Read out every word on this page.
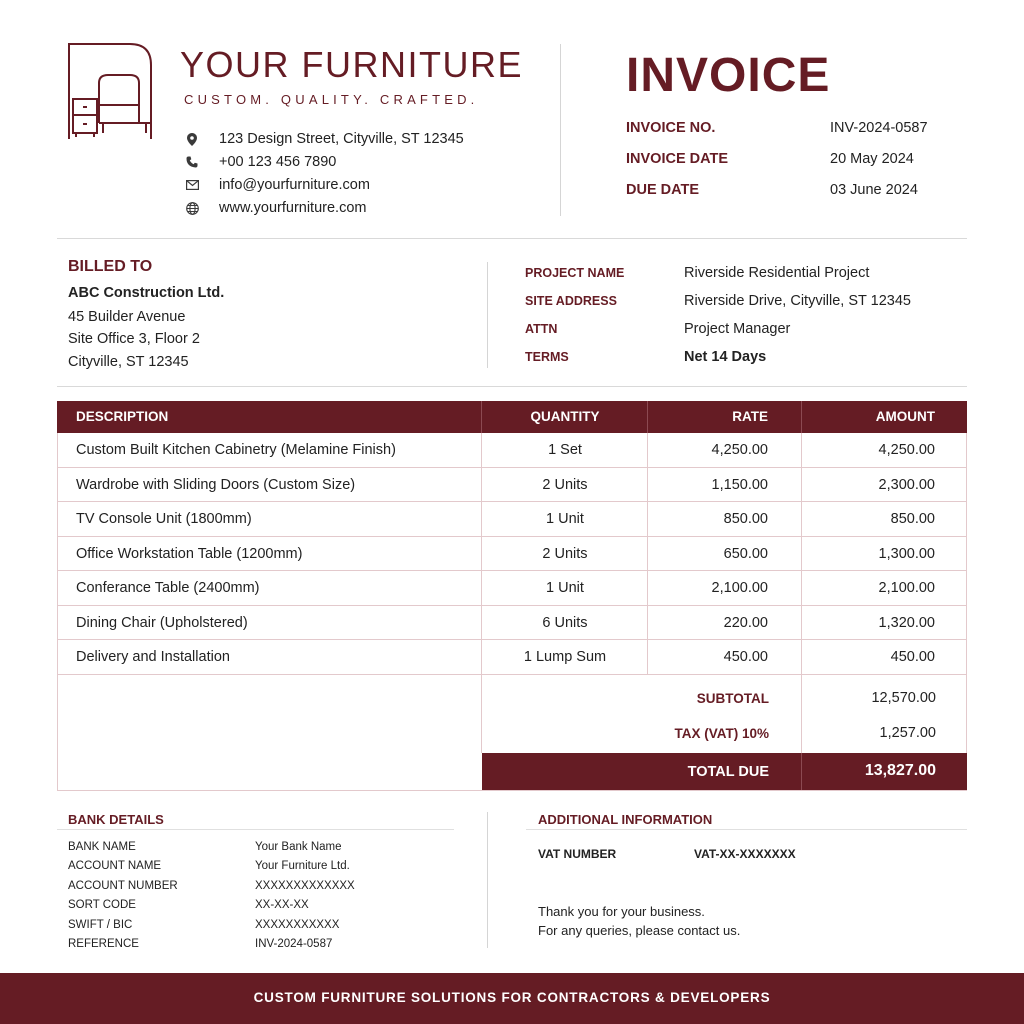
YOUR FURNITURE
CUSTOM. QUALITY. CRAFTED.
123 Design Street, Cityville, ST 12345
+00 123 456 7890
info@yourfurniture.com
www.yourfurniture.com
INVOICE
INVOICE NO.	INV-2024-0587
INVOICE DATE	20 May 2024
DUE DATE	03 June 2024
BILLED TO
ABC Construction Ltd.
45 Builder Avenue
Site Office 3, Floor 2
Cityville, ST 12345
PROJECT NAME	Riverside Residential Project
SITE ADDRESS	Riverside Drive, Cityville, ST 12345
ATTN	Project Manager
TERMS	Net 14 Days
DESCRIPTION	QUANTITY	RATE	AMOUNT
Custom Built Kitchen Cabinetry (Melamine Finish)	1 Set	4,250.00	4,250.00
Wardrobe with Sliding Doors (Custom Size)	2 Units	1,150.00	2,300.00
TV Console Unit (1800mm)	1 Unit	850.00	850.00
Office Workstation Table (1200mm)	2 Units	650.00	1,300.00
Conferance Table (2400mm)	1 Unit	2,100.00	2,100.00
Dining Chair (Upholstered)	6 Units	220.00	1,320.00
Delivery and Installation	1 Lump Sum	450.00	450.00
SUBTOTAL	12,570.00
TAX (VAT) 10%	1,257.00
TOTAL DUE	13,827.00
BANK DETAILS
BANK NAME	Your Bank Name
ACCOUNT NAME	Your Furniture Ltd.
ACCOUNT NUMBER	XXXXXXXXXXXXX
SORT CODE	XX-XX-XX
SWIFT / BIC	XXXXXXXXXXX
REFERENCE	INV-2024-0587
ADDITIONAL INFORMATION
VAT NUMBER	VAT-XX-XXXXXXX
Thank you for your business.
For any queries, please contact us.
CUSTOM FURNITURE SOLUTIONS FOR CONTRACTORS & DEVELOPERS
